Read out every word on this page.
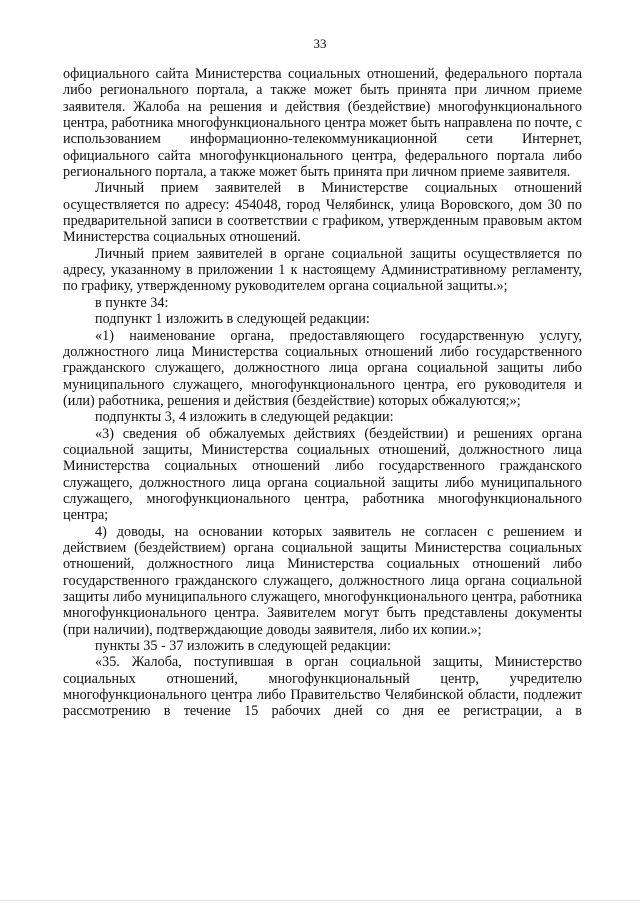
33

официального сайта Министерства социальных отношений, федерального портала либо регионального портала, а также может быть принята при личном приеме заявителя. Жалоба на решения и действия (бездействие) многофункционального центра, работника многофункционального центра может быть направлена по почте, с использованием информационно-телекоммуникационной сети Интернет, официального сайта многофункционального центра, федерального портала либо регионального портала, а также может быть принята при личном приеме заявителя.

Личный прием заявителей в Министерстве социальных отношений осуществляется по адресу: 454048, город Челябинск, улица Воровского, дом 30 по предварительной записи в соответствии с графиком, утвержденным правовым актом Министерства социальных отношений.

Личный прием заявителей в органе социальной защиты осуществляется по адресу, указанному в приложении 1 к настоящему Административному регламенту, по графику, утвержденному руководителем органа социальной защиты.»;

в пункте 34:

подпункт 1 изложить в следующей редакции:

«1) наименование органа, предоставляющего государственную услугу, должностного лица Министерства социальных отношений либо государственного гражданского служащего, должностного лица органа социальной защиты либо муниципального служащего, многофункционального центра, его руководителя и (или) работника, решения и действия (бездействие) которых обжалуются;»;

подпункты 3, 4 изложить в следующей редакции:

«3) сведения об обжалуемых действиях (бездействии) и решениях органа социальной защиты, Министерства социальных отношений, должностного лица Министерства социальных отношений либо государственного гражданского служащего, должностного лица органа социальной защиты либо муниципального служащего, многофункционального центра, работника многофункционального центра;

4) доводы, на основании которых заявитель не согласен с решением и действием (бездействием) органа социальной защиты Министерства социальных отношений, должностного лица Министерства социальных отношений либо государственного гражданского служащего, должностного лица органа социальной защиты либо муниципального служащего, многофункционального центра, работника многофункционального центра. Заявителем могут быть представлены документы (при наличии), подтверждающие доводы заявителя, либо их копии.»;

пункты 35 - 37 изложить в следующей редакции:

«35. Жалоба, поступившая в орган социальной защиты, Министерство социальных отношений, многофункциональный центр, учредителю многофункционального центра либо Правительство Челябинской области, подлежит рассмотрению в течение 15 рабочих дней со дня ее регистрации, а в
